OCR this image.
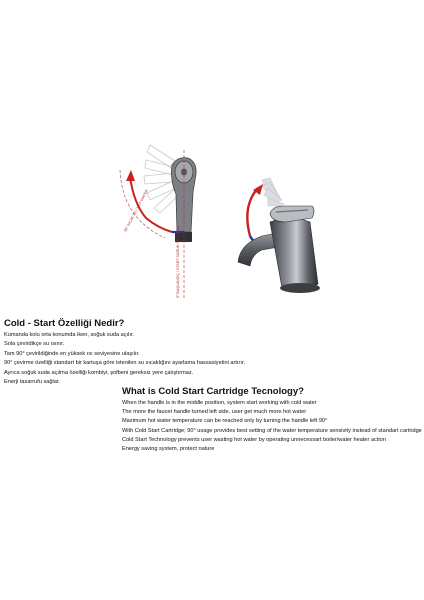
90° SICAK SU / HOT WATER
0° BAŞLANGIÇ / START SOĞUK SU / COLD
Cold - Start Özelliği Nedir?
Kumanda kolu orta konumda iken, soğuk suda açılır.
Sola çevirdikçe su ısınır.
Tam 90° çevirildiğinde en yüksek ısı seviyesine ulaşılır.
90° çevirme özelliği standart bir kartuşa göre istenilen su sıcaklığını ayarlama hassasiyetini artırır.
Ayrıca soğuk suda açılma özelliği kombiyi, şofbeni gereksiz yere çalıştırmaz.
Enerji tasarrufu sağlar.
What is Cold Start Cartridge Tecnology?
When the handle is in the middle position, system start working with cold water
The more the faucet handle turned left side, user get much more hot water
Maximum hot water temperature can be reached only by turning the handle left 90°
With Cold Start Cartridge; 90° usage provides best setting of the water temperature sensivity instead of standart cartridge
Cold Start Technology prevents user wasting hot water by operating unnecessart boiler/water heater action
Energy saving system, protect nature
